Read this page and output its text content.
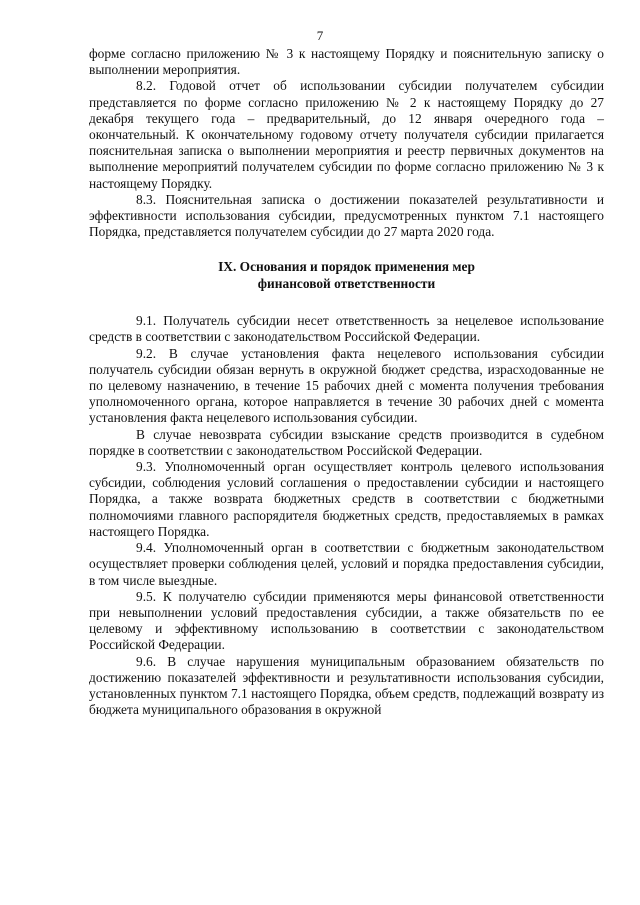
7

форме согласно приложению № 3 к настоящему Порядку и пояснительную записку о выполнении мероприятия.

8.2. Годовой отчет об использовании субсидии получателем субсидии представляется по форме согласно приложению № 2 к настоящему Порядку до 27 декабря текущего года – предварительный, до 12 января очередного года – окончательный. К окончательному годовому отчету получателя субсидии прилагается пояснительная записка о выполнении мероприятия и реестр первичных документов на выполнение мероприятий получателем субсидии по форме согласно приложению № 3 к настоящему Порядку.

8.3. Пояснительная записка о достижении показателей результативности и эффективности использования субсидии, предусмотренных пунктом 7.1 настоящего Порядка, представляется получателем субсидии до 27 марта 2020 года.

IX. Основания и порядок применения мер
финансовой ответственности

9.1. Получатель субсидии несет ответственность за нецелевое использование средств в соответствии с законодательством Российской Федерации.

9.2. В случае установления факта нецелевого использования субсидии получатель субсидии обязан вернуть в окружной бюджет средства, израсходованные не по целевому назначению, в течение 15 рабочих дней с момента получения требования уполномоченного органа, которое направляется в течение 30 рабочих дней с момента установления факта нецелевого использования субсидии.

В случае невозврата субсидии взыскание средств производится в судебном порядке в соответствии с законодательством Российской Федерации.

9.3. Уполномоченный орган осуществляет контроль целевого использования субсидии, соблюдения условий соглашения о предоставлении субсидии и настоящего Порядка, а также возврата бюджетных средств в соответствии с бюджетными полномочиями главного распорядителя бюджетных средств, предоставляемых в рамках настоящего Порядка.

9.4. Уполномоченный орган в соответствии с бюджетным законодательством осуществляет проверки соблюдения целей, условий и порядка предоставления субсидии, в том числе выездные.

9.5. К получателю субсидии применяются меры финансовой ответственности при невыполнении условий предоставления субсидии, а также обязательств по ее целевому и эффективному использованию в соответствии с законодательством Российской Федерации.

9.6. В случае нарушения муниципальным образованием обязательств по достижению показателей эффективности и результативности использования субсидии, установленных пунктом 7.1 настоящего Порядка, объем средств, подлежащий возврату из бюджета муниципального образования в окружной
